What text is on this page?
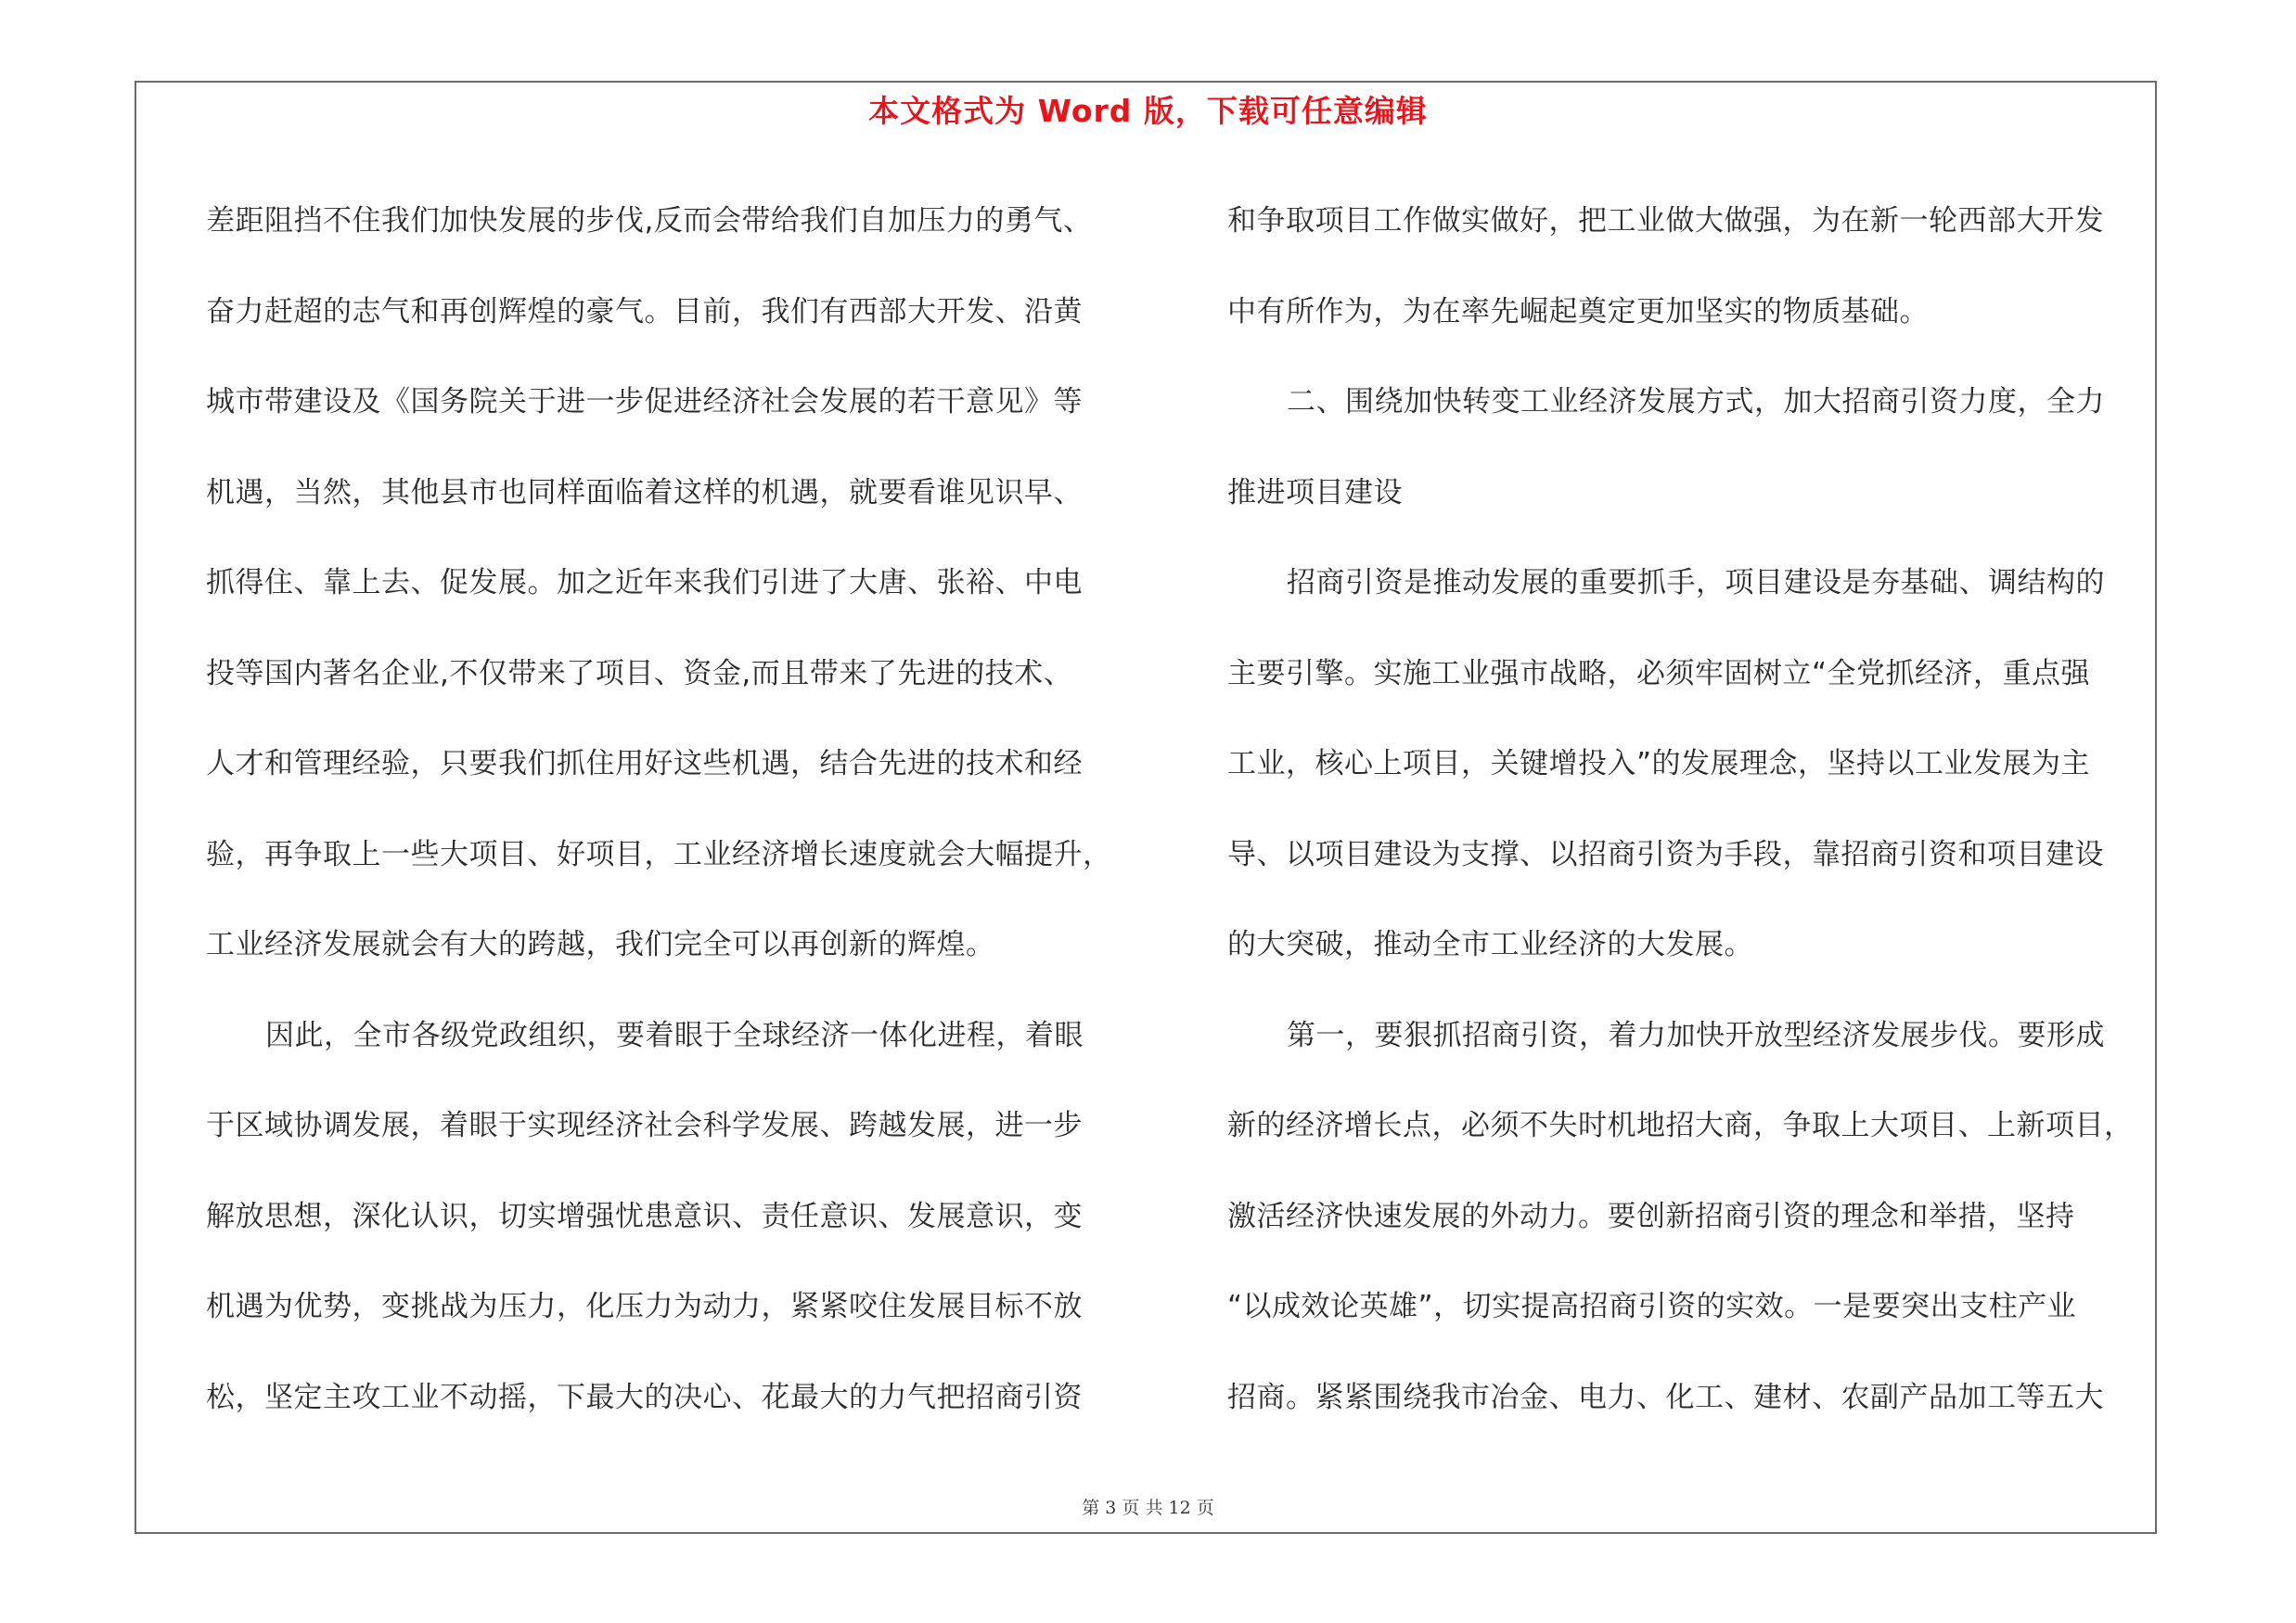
本文格式为 Word 版，下载可任意编辑
差距阻挡不住我们加快发展的步伐,反而会带给我们自加压力的勇气、
奋力赶超的志气和再创辉煌的豪气。目前，我们有西部大开发、沿黄
城市带建设及《国务院关于进一步促进经济社会发展的若干意见》等
机遇，当然，其他县市也同样面临着这样的机遇，就要看谁见识早、
抓得住、靠上去、促发展。加之近年来我们引进了大唐、张裕、中电
投等国内著名企业,不仅带来了项目、资金,而且带来了先进的技术、
人才和管理经验，只要我们抓住用好这些机遇，结合先进的技术和经
验，再争取上一些大项目、好项目，工业经济增长速度就会大幅提升，
工业经济发展就会有大的跨越，我们完全可以再创新的辉煌。
因此，全市各级党政组织，要着眼于全球经济一体化进程，着眼
于区域协调发展，着眼于实现经济社会科学发展、跨越发展，进一步
解放思想，深化认识，切实增强忧患意识、责任意识、发展意识，变
机遇为优势，变挑战为压力，化压力为动力，紧紧咬住发展目标不放
松，坚定主攻工业不动摇，下最大的决心、花最大的力气把招商引资
和争取项目工作做实做好，把工业做大做强，为在新一轮西部大开发
中有所作为，为在率先崛起奠定更加坚实的物质基础。
二、围绕加快转变工业经济发展方式，加大招商引资力度，全力
推进项目建设
招商引资是推动发展的重要抓手，项目建设是夯基础、调结构的
主要引擎。实施工业强市战略，必须牢固树立“全党抓经济，重点强
工业，核心上项目，关键增投入”的发展理念，坚持以工业发展为主
导、以项目建设为支撑、以招商引资为手段，靠招商引资和项目建设
的大突破，推动全市工业经济的大发展。
第一，要狠抓招商引资，着力加快开放型经济发展步伐。要形成
新的经济增长点，必须不失时机地招大商，争取上大项目、上新项目，
激活经济快速发展的外动力。要创新招商引资的理念和举措，坚持
“以成效论英雄”，切实提高招商引资的实效。一是要突出支柱产业
招商。紧紧围绕我市冶金、电力、化工、建材、农副产品加工等五大
第 3 页 共 12 页
